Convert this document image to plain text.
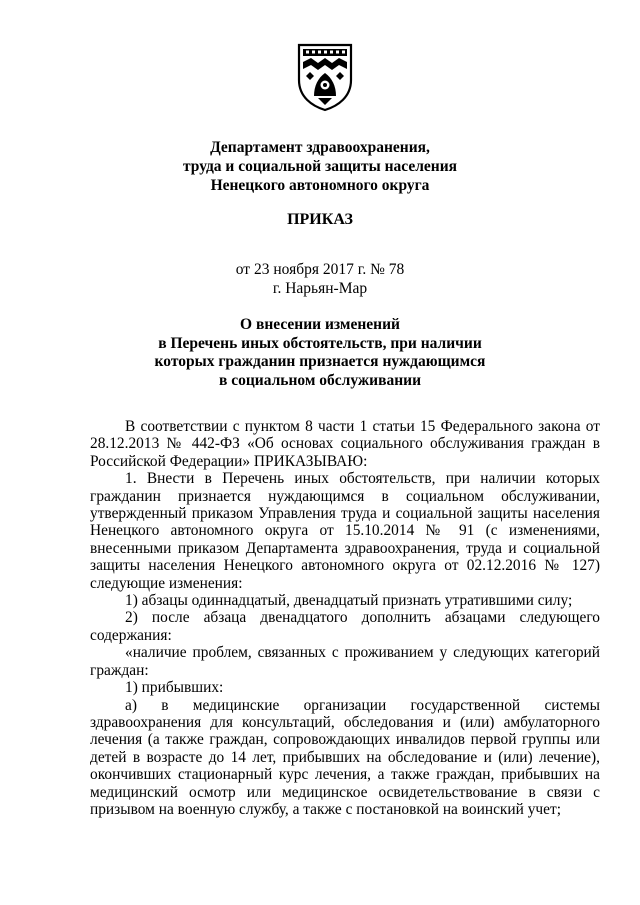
Департамент здравоохранения,
труда и социальной защиты населения
Ненецкого автономного округа
ПРИКАЗ
от 23 ноября 2017 г. № 78
г. Нарьян-Мар
О внесении изменений
в Перечень иных обстоятельств, при наличии
которых гражданин признается нуждающимся
в социальном обслуживании

В соответствии с пунктом 8 части 1 статьи 15 Федерального закона от 28.12.2013 № 442-ФЗ «Об основах социального обслуживания граждан в Российской Федерации» ПРИКАЗЫВАЮ:

1. Внести в Перечень иных обстоятельств, при наличии которых гражданин признается нуждающимся в социальном обслуживании, утвержденный приказом Управления труда и социальной защиты населения Ненецкого автономного округа от 15.10.2014 № 91 (с изменениями, внесенными приказом Департамента здравоохранения, труда и социальной защиты населения Ненецкого автономного округа от 02.12.2016 № 127) следующие изменения:

1) абзацы одиннадцатый, двенадцатый признать утратившими силу;

2) после абзаца двенадцатого дополнить абзацами следующего содержания:

«наличие проблем, связанных с проживанием у следующих категорий граждан:

1) прибывших:

а) в медицинские организации государственной системы здравоохранения для консультаций, обследования и (или) амбулаторного лечения (а также граждан, сопровождающих инвалидов первой группы или детей в возрасте до 14 лет, прибывших на обследование и (или) лечение), окончивших стационарный курс лечения, а также граждан, прибывших на медицинский осмотр или медицинское освидетельствование в связи с призывом на военную службу, а также с постановкой на воинский учет;
